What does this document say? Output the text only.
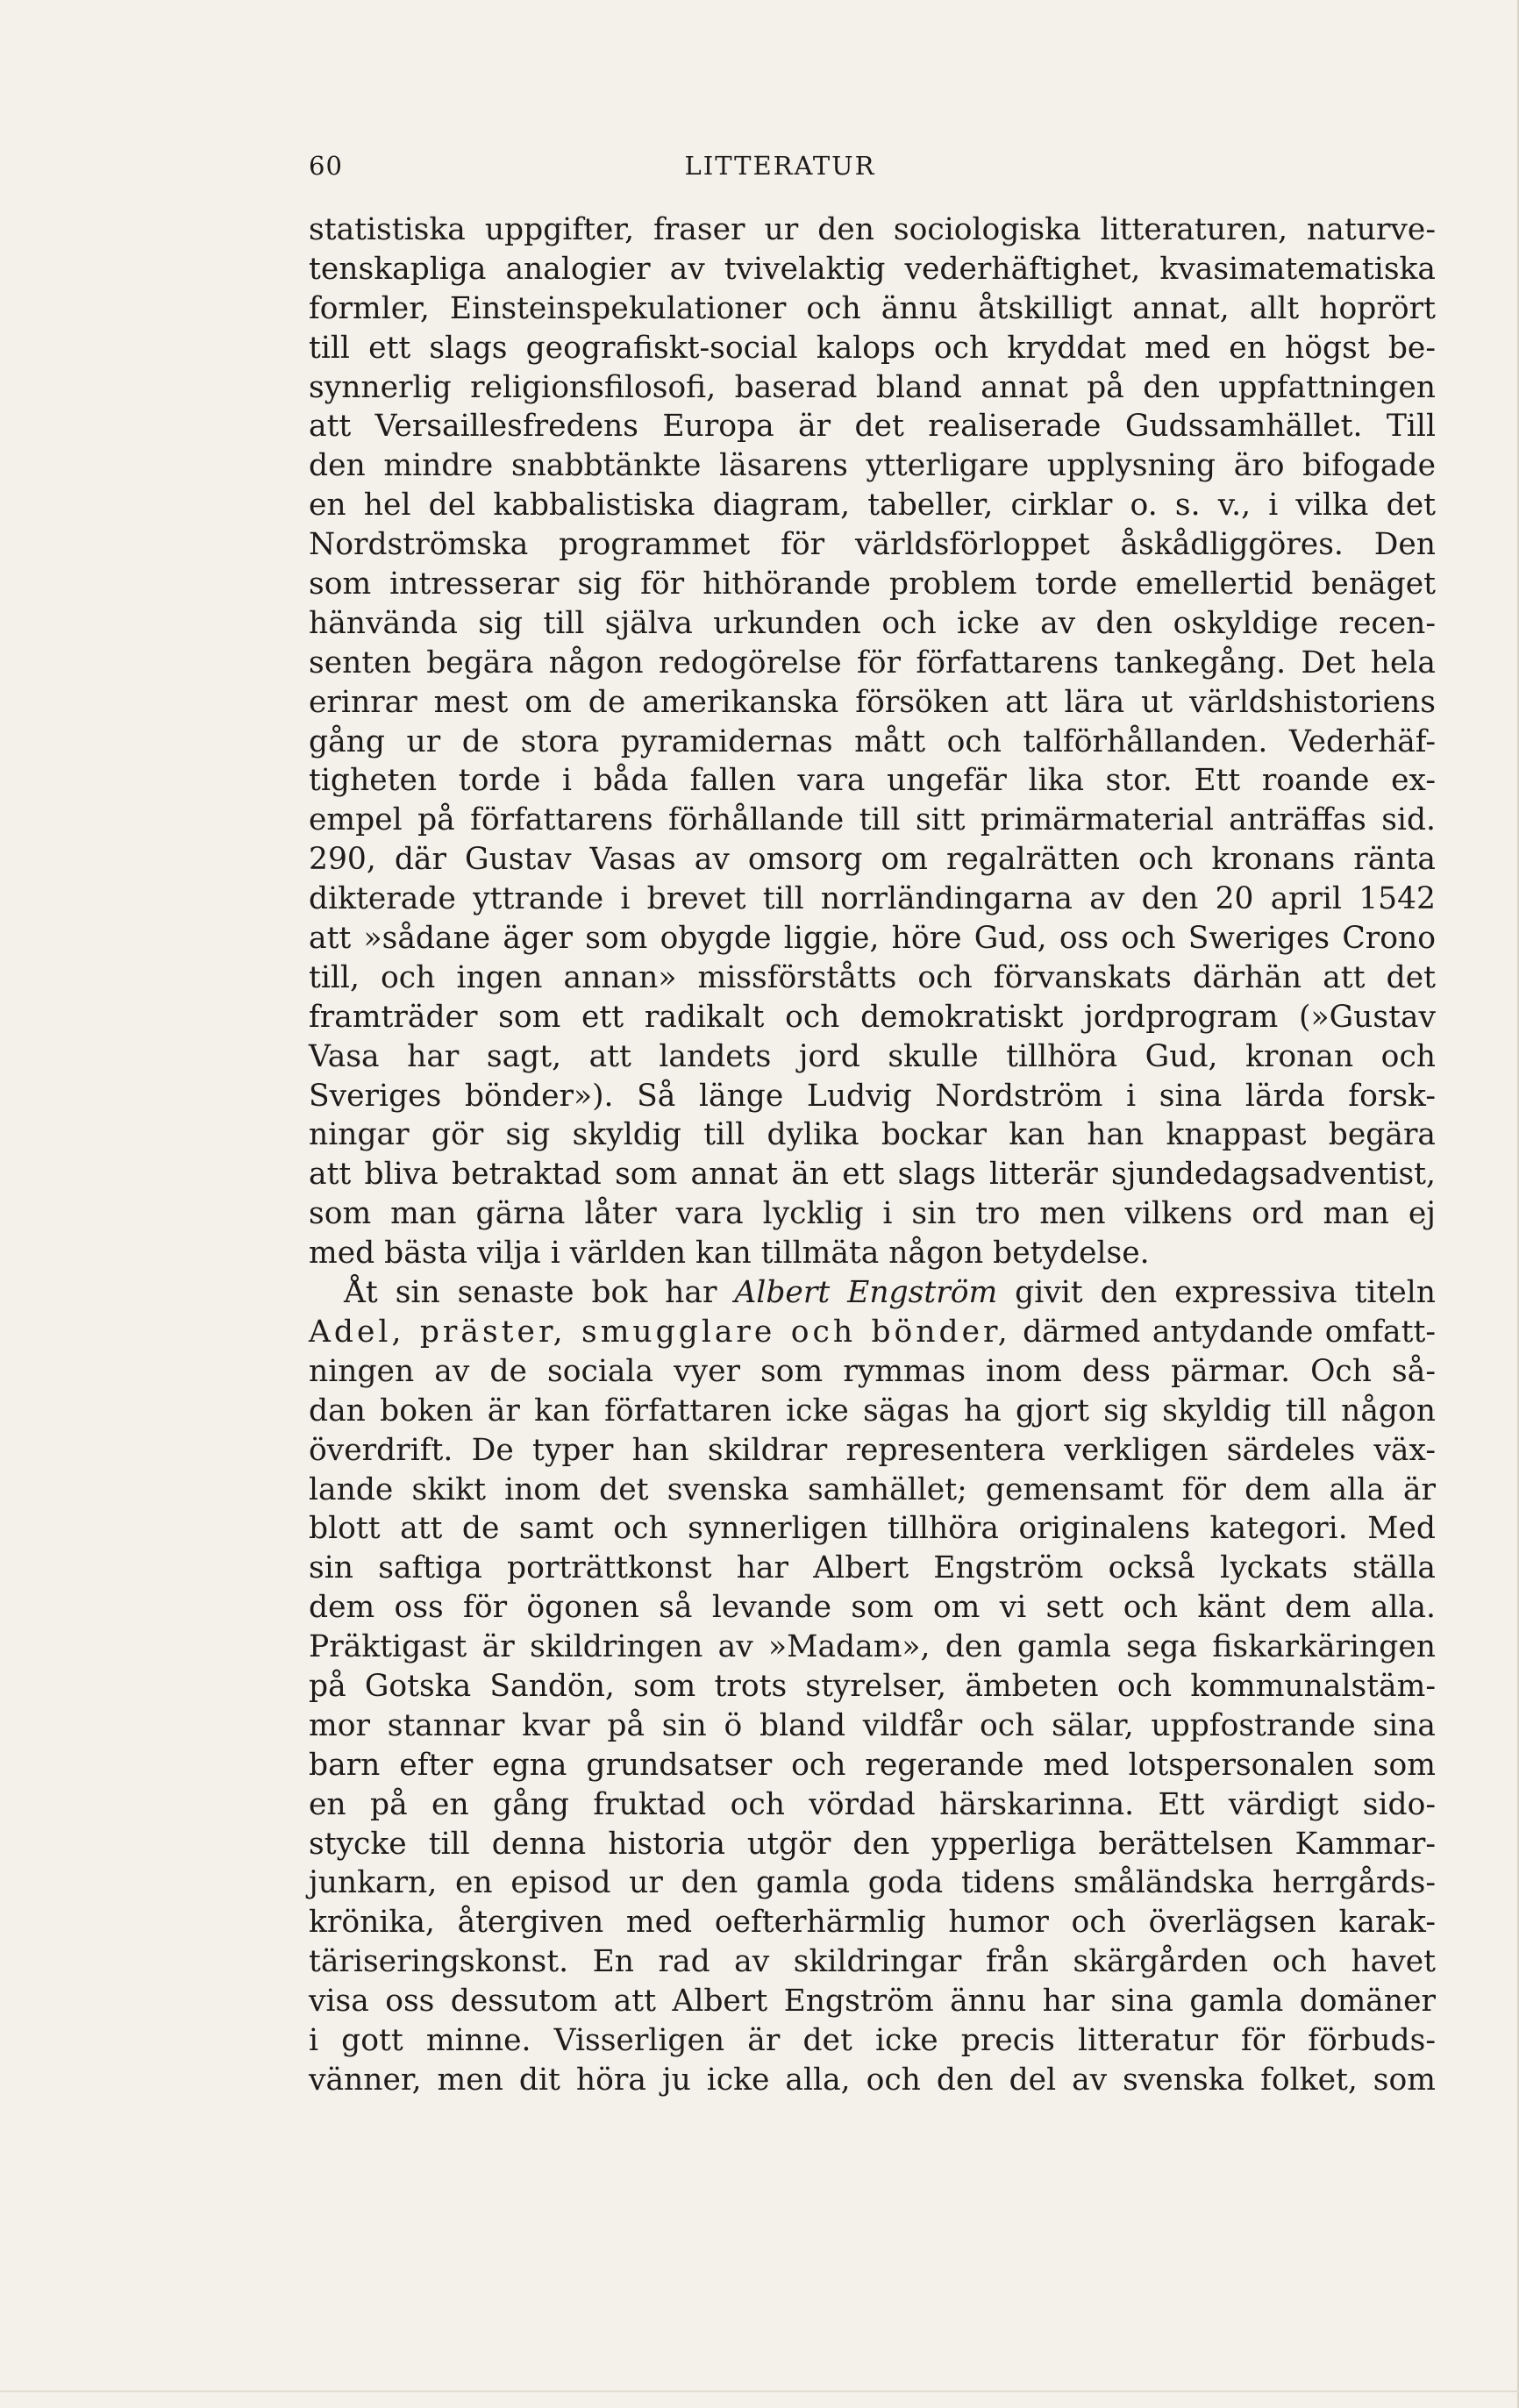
60	LITTERATUR
statistiska uppgifter, fraser ur den sociologiska litteraturen, naturve-
tenskapliga analogier av tvivelaktig vederhäftighet, kvasimatematiska
formler, Einsteinspekulationer och ännu åtskilligt annat, allt hoprört
till ett slags geografiskt-social kalops och kryddat med en högst be-
synnerlig religionsfilosofi, baserad bland annat på den uppfattningen
att Versaillesfredens Europa är det realiserade Gudssamhället. Till
den mindre snabbtänkte läsarens ytterligare upplysning äro bifogade
en hel del kabbalistiska diagram, tabeller, cirklar o. s. v., i vilka det
Nordströmska programmet för världsförloppet åskådliggöres. Den
som intresserar sig för hithörande problem torde emellertid benäget
hänvända sig till själva urkunden och icke av den oskyldige recen-
senten begära någon redogörelse för författarens tankegång. Det hela
erinrar mest om de amerikanska försöken att lära ut världshistoriens
gång ur de stora pyramidernas mått och talförhållanden. Vederhäf-
tigheten torde i båda fallen vara ungefär lika stor. Ett roande ex-
empel på författarens förhållande till sitt primärmaterial anträffas sid.
290, där Gustav Vasas av omsorg om regalrätten och kronans ränta
dikterade yttrande i brevet till norrländingarna av den 20 april 1542
att »sådane äger som obygde liggie, höre Gud, oss och Sweriges Crono
till, och ingen annan» missförståtts och förvanskats därhän att det
framträder som ett radikalt och demokratiskt jordprogram (»Gustav
Vasa har sagt, att landets jord skulle tillhöra Gud, kronan och
Sveriges bönder»). Så länge Ludvig Nordström i sina lärda forsk-
ningar gör sig skyldig till dylika bockar kan han knappast begära
att bliva betraktad som annat än ett slags litterär sjundedagsadventist,
som man gärna låter vara lycklig i sin tro men vilkens ord man ej
med bästa vilja i världen kan tillmäta någon betydelse.
Åt sin senaste bok har Albert Engström givit den expressiva titeln
Adel, präster, smugglare och bönder, därmed antydande omfatt-
ningen av de sociala vyer som rymmas inom dess pärmar. Och så-
dan boken är kan författaren icke sägas ha gjort sig skyldig till någon
överdrift. De typer han skildrar representera verkligen särdeles väx-
lande skikt inom det svenska samhället; gemensamt för dem alla är
blott att de samt och synnerligen tillhöra originalens kategori. Med
sin saftiga porträttkonst har Albert Engström också lyckats ställa
dem oss för ögonen så levande som om vi sett och känt dem alla.
Präktigast är skildringen av »Madam», den gamla sega fiskarkäringen
på Gotska Sandön, som trots styrelser, ämbeten och kommunalstäm-
mor stannar kvar på sin ö bland vildfår och sälar, uppfostrande sina
barn efter egna grundsatser och regerande med lotspersonalen som
en på en gång fruktad och vördad härskarinna. Ett värdigt sido-
stycke till denna historia utgör den ypperliga berättelsen Kammar-
junkarn, en episod ur den gamla goda tidens småländska herrgårds-
krönika, återgiven med oefterhärmlig humor och överlägsen karak-
täriseringskonst. En rad av skildringar från skärgården och havet
visa oss dessutom att Albert Engström ännu har sina gamla domäner
i gott minne. Visserligen är det icke precis litteratur för förbuds-
vänner, men dit höra ju icke alla, och den del av svenska folket, som
